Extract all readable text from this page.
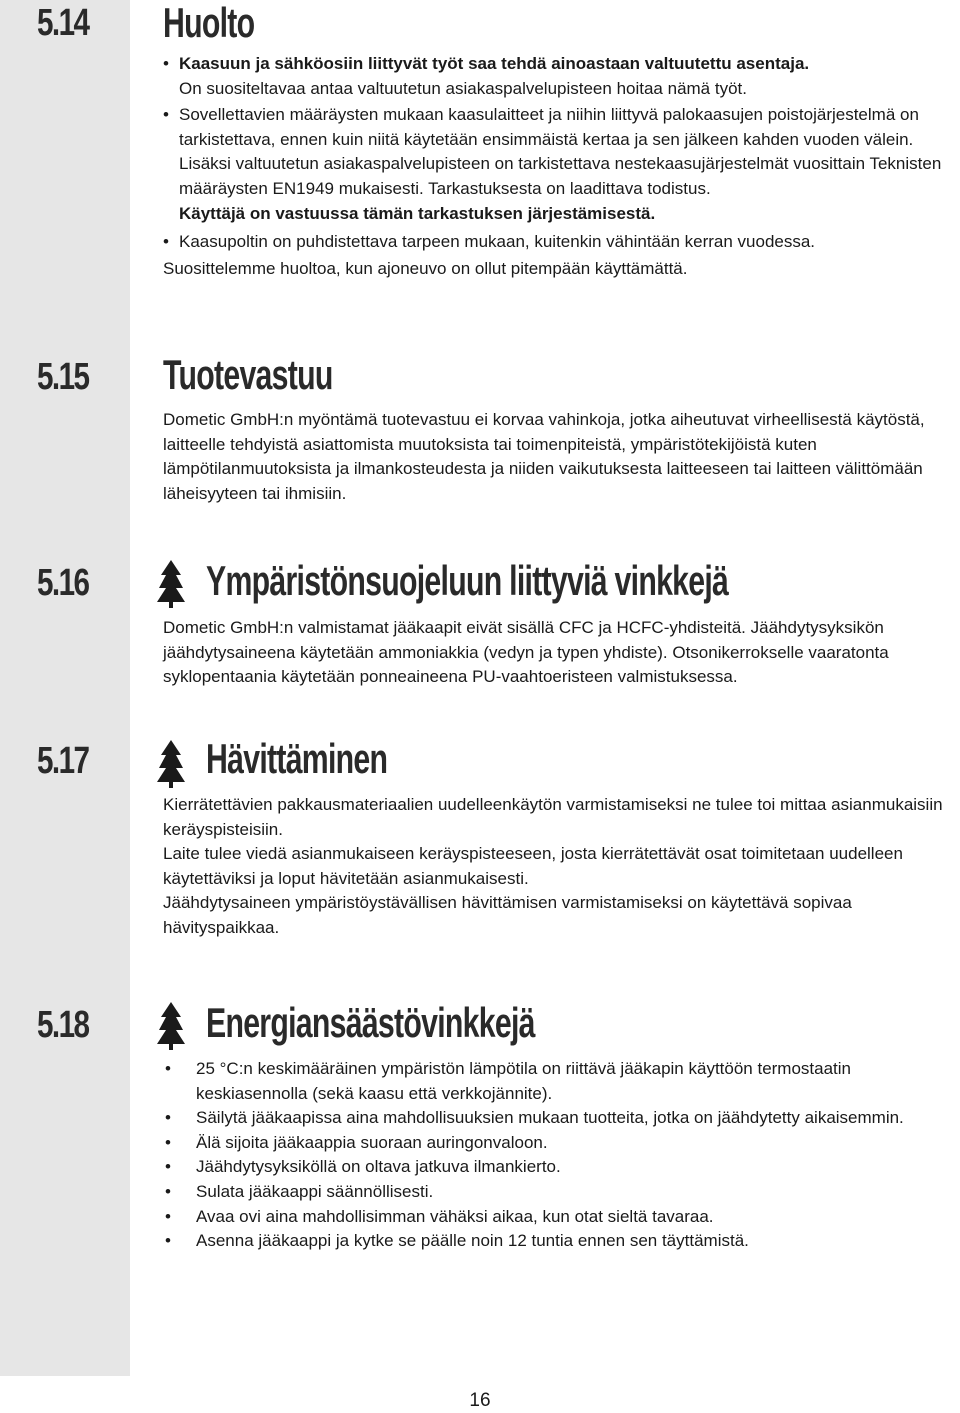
5.14	Huolto

• Kaasuun ja sähköosiin liittyvät työt saa tehdä ainoastaan valtuutettu asentaja.
On suositeltavaa antaa valtuutetun asiakaspalvelupisteen hoitaa nämä työt.

• Sovellettavien määräysten mukaan kaasulaitteet ja niihin liittyvä palokaasujen poistojärjestelmä on tarkistettava, ennen kuin niitä käytetään ensimmäistä kertaa ja sen jälkeen kahden vuoden välein. Lisäksi valtuutetun asiakaspalvelupisteen on tarkistettava nestekaasujärjestelmät vuosittain Teknisten määräysten EN1949 mukaisesti. Tarkastuksesta on laadittava todistus.
Käyttäjä on vastuussa tämän tarkastuksen järjestämisestä.

• Kaasupoltin on puhdistettava tarpeen mukaan, kuitenkin vähintään kerran vuodessa.

Suosittelemme huoltoa, kun ajoneuvo on ollut pitempään käyttämättä.

5.15	Tuotevastuu

Dometic GmbH:n myöntämä tuotevastuu ei korvaa vahinkoja, jotka aiheutuvat virheellisestä käytöstä, laitteelle tehdyistä asiattomista muutoksista tai toimenpiteistä, ympäristötekijöistä kuten lämpötilanmuutoksista ja ilmankosteudesta ja niiden vaikutuksesta laitteeseen tai laitteen välittömään läheisyyteen tai ihmisiin.

5.16	Ympäristönsuojeluun liittyviä vinkkejä

Dometic GmbH:n valmistamat jääkaapit eivät sisällä CFC ja HCFC-yhdisteitä. Jäähdytysyksikön jäähdytysaineena käytetään ammoniakkia (vedyn ja typen yhdiste). Otsonikerrokselle vaaratonta syklopentaania käytetään ponneaineena PU-vaahtoeristeen valmistuksessa.

5.17	Hävittäminen

Kierrätettävien pakkausmateriaalien uudelleenkäytön varmistamiseksi ne tulee toi mittaa asianmukaisiin keräyspisteisiin.

Laite tulee viedä asianmukaiseen keräyspisteeseen, josta kierrätettävät osat toimitetaan uudelleen käytettäviksi ja loput hävitetään asianmukaisesti.

Jäähdytysaineen ympäristöystävällisen hävittämisen varmistamiseksi on käytettävä sopivaa hävityspaikkaa.

5.18	Energiansäästövinkkejä
• 25 °C:n keskimääräinen ympäristön lämpötila on riittävä jääkapin käyttöön termostaatin keskiasennolla (sekä kaasu että verkkojännite).
• Säilytä jääkaapissa aina mahdollisuuksien mukaan tuotteita, jotka on jäähdytetty aikaisemmin.
• Älä sijoita jääkaappia suoraan auringonvaloon.
• Jäähdytysyksiköllä on oltava jatkuva ilmankierto.
• Sulata jääkaappi säännöllisesti.
• Avaa ovi aina mahdollisimman vähäksi aikaa, kun otat sieltä tavaraa.
• Asenna jääkaappi ja kytke se päälle noin 12 tuntia ennen sen täyttämistä.
16
